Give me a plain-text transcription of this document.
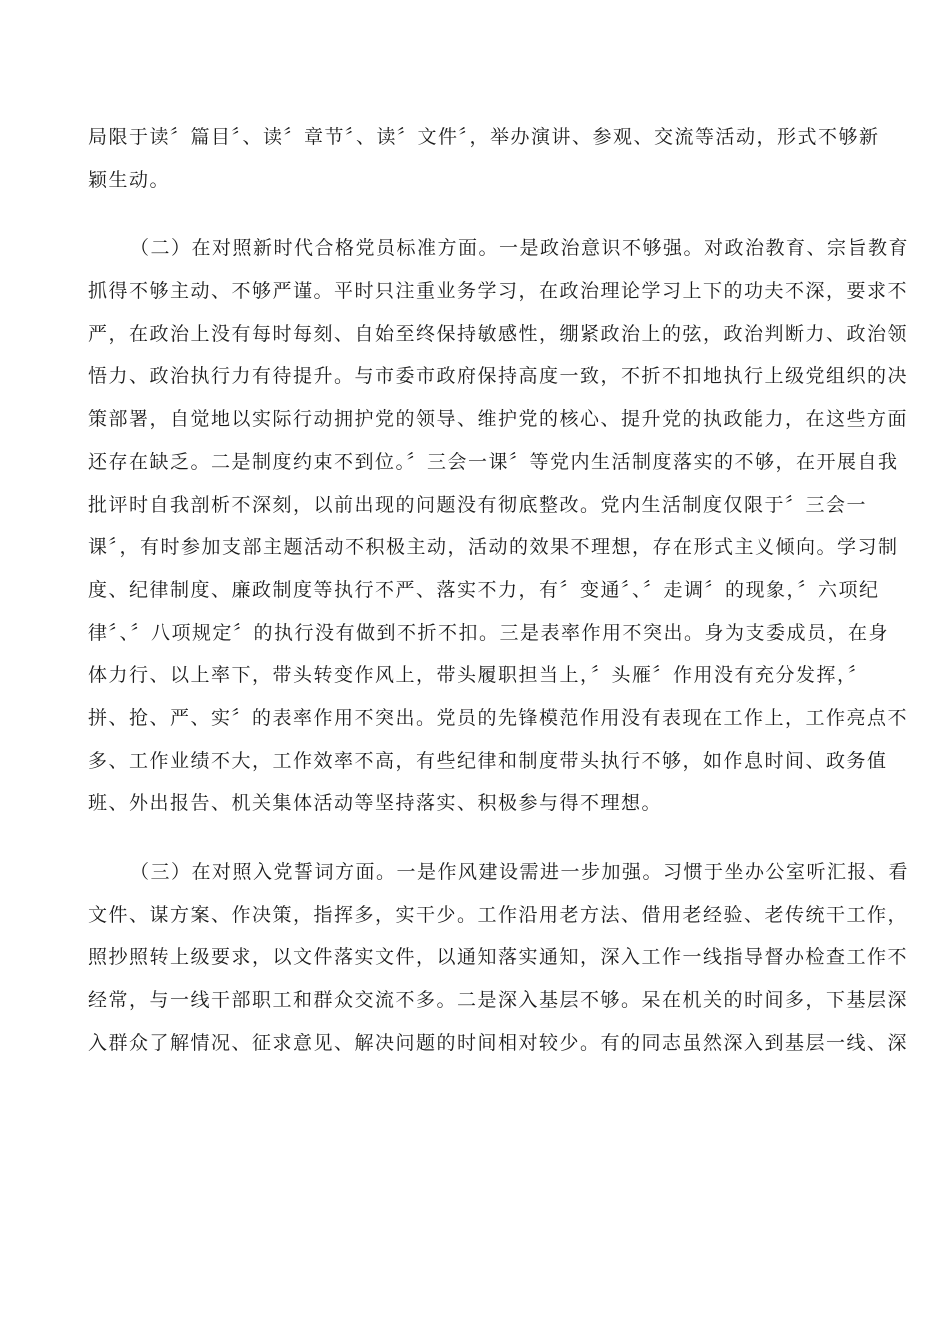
局限于读〞篇目〞、读〞章节〞、读〞文件〞，举办演讲、参观、交流等活动，形式不够新
颖生动。
（二）在对照新时代合格党员标准方面。一是政治意识不够强。对政治教育、宗旨教育
抓得不够主动、不够严谨。平时只注重业务学习，在政治理论学习上下的功夫不深，要求不
严，在政治上没有每时每刻、自始至终保持敏感性，绷紧政治上的弦，政治判断力、政治领
悟力、政治执行力有待提升。与市委市政府保持高度一致，不折不扣地执行上级党组织的决
策部署，自觉地以实际行动拥护党的领导、维护党的核心、提升党的执政能力，在这些方面
还存在缺乏。二是制度约束不到位。〞三会一课〞等党内生活制度落实的不够，在开展自我
批评时自我剖析不深刻，以前出现的问题没有彻底整改。党内生活制度仅限于〞三会一
课〞，有时参加支部主题活动不积极主动，活动的效果不理想，存在形式主义倾向。学习制
度、纪律制度、廉政制度等执行不严、落实不力，有〞变通〞、〞走调〞的现象，〞六项纪
律〞、〞八项规定〞的执行没有做到不折不扣。三是表率作用不突出。身为支委成员，在身
体力行、以上率下，带头转变作风上，带头履职担当上，〞头雁〞作用没有充分发挥，〞
拼、抢、严、实〞的表率作用不突出。党员的先锋模范作用没有表现在工作上，工作亮点不
多、工作业绩不大，工作效率不高，有些纪律和制度带头执行不够，如作息时间、政务值
班、外出报告、机关集体活动等坚持落实、积极参与得不理想。
（三）在对照入党誓词方面。一是作风建设需进一步加强。习惯于坐办公室听汇报、看
文件、谋方案、作决策，指挥多，实干少。工作沿用老方法、借用老经验、老传统干工作，
照抄照转上级要求，以文件落实文件，以通知落实通知，深入工作一线指导督办检查工作不
经常，与一线干部职工和群众交流不多。二是深入基层不够。呆在机关的时间多，下基层深
入群众了解情况、征求意见、解决问题的时间相对较少。有的同志虽然深入到基层一线、深
